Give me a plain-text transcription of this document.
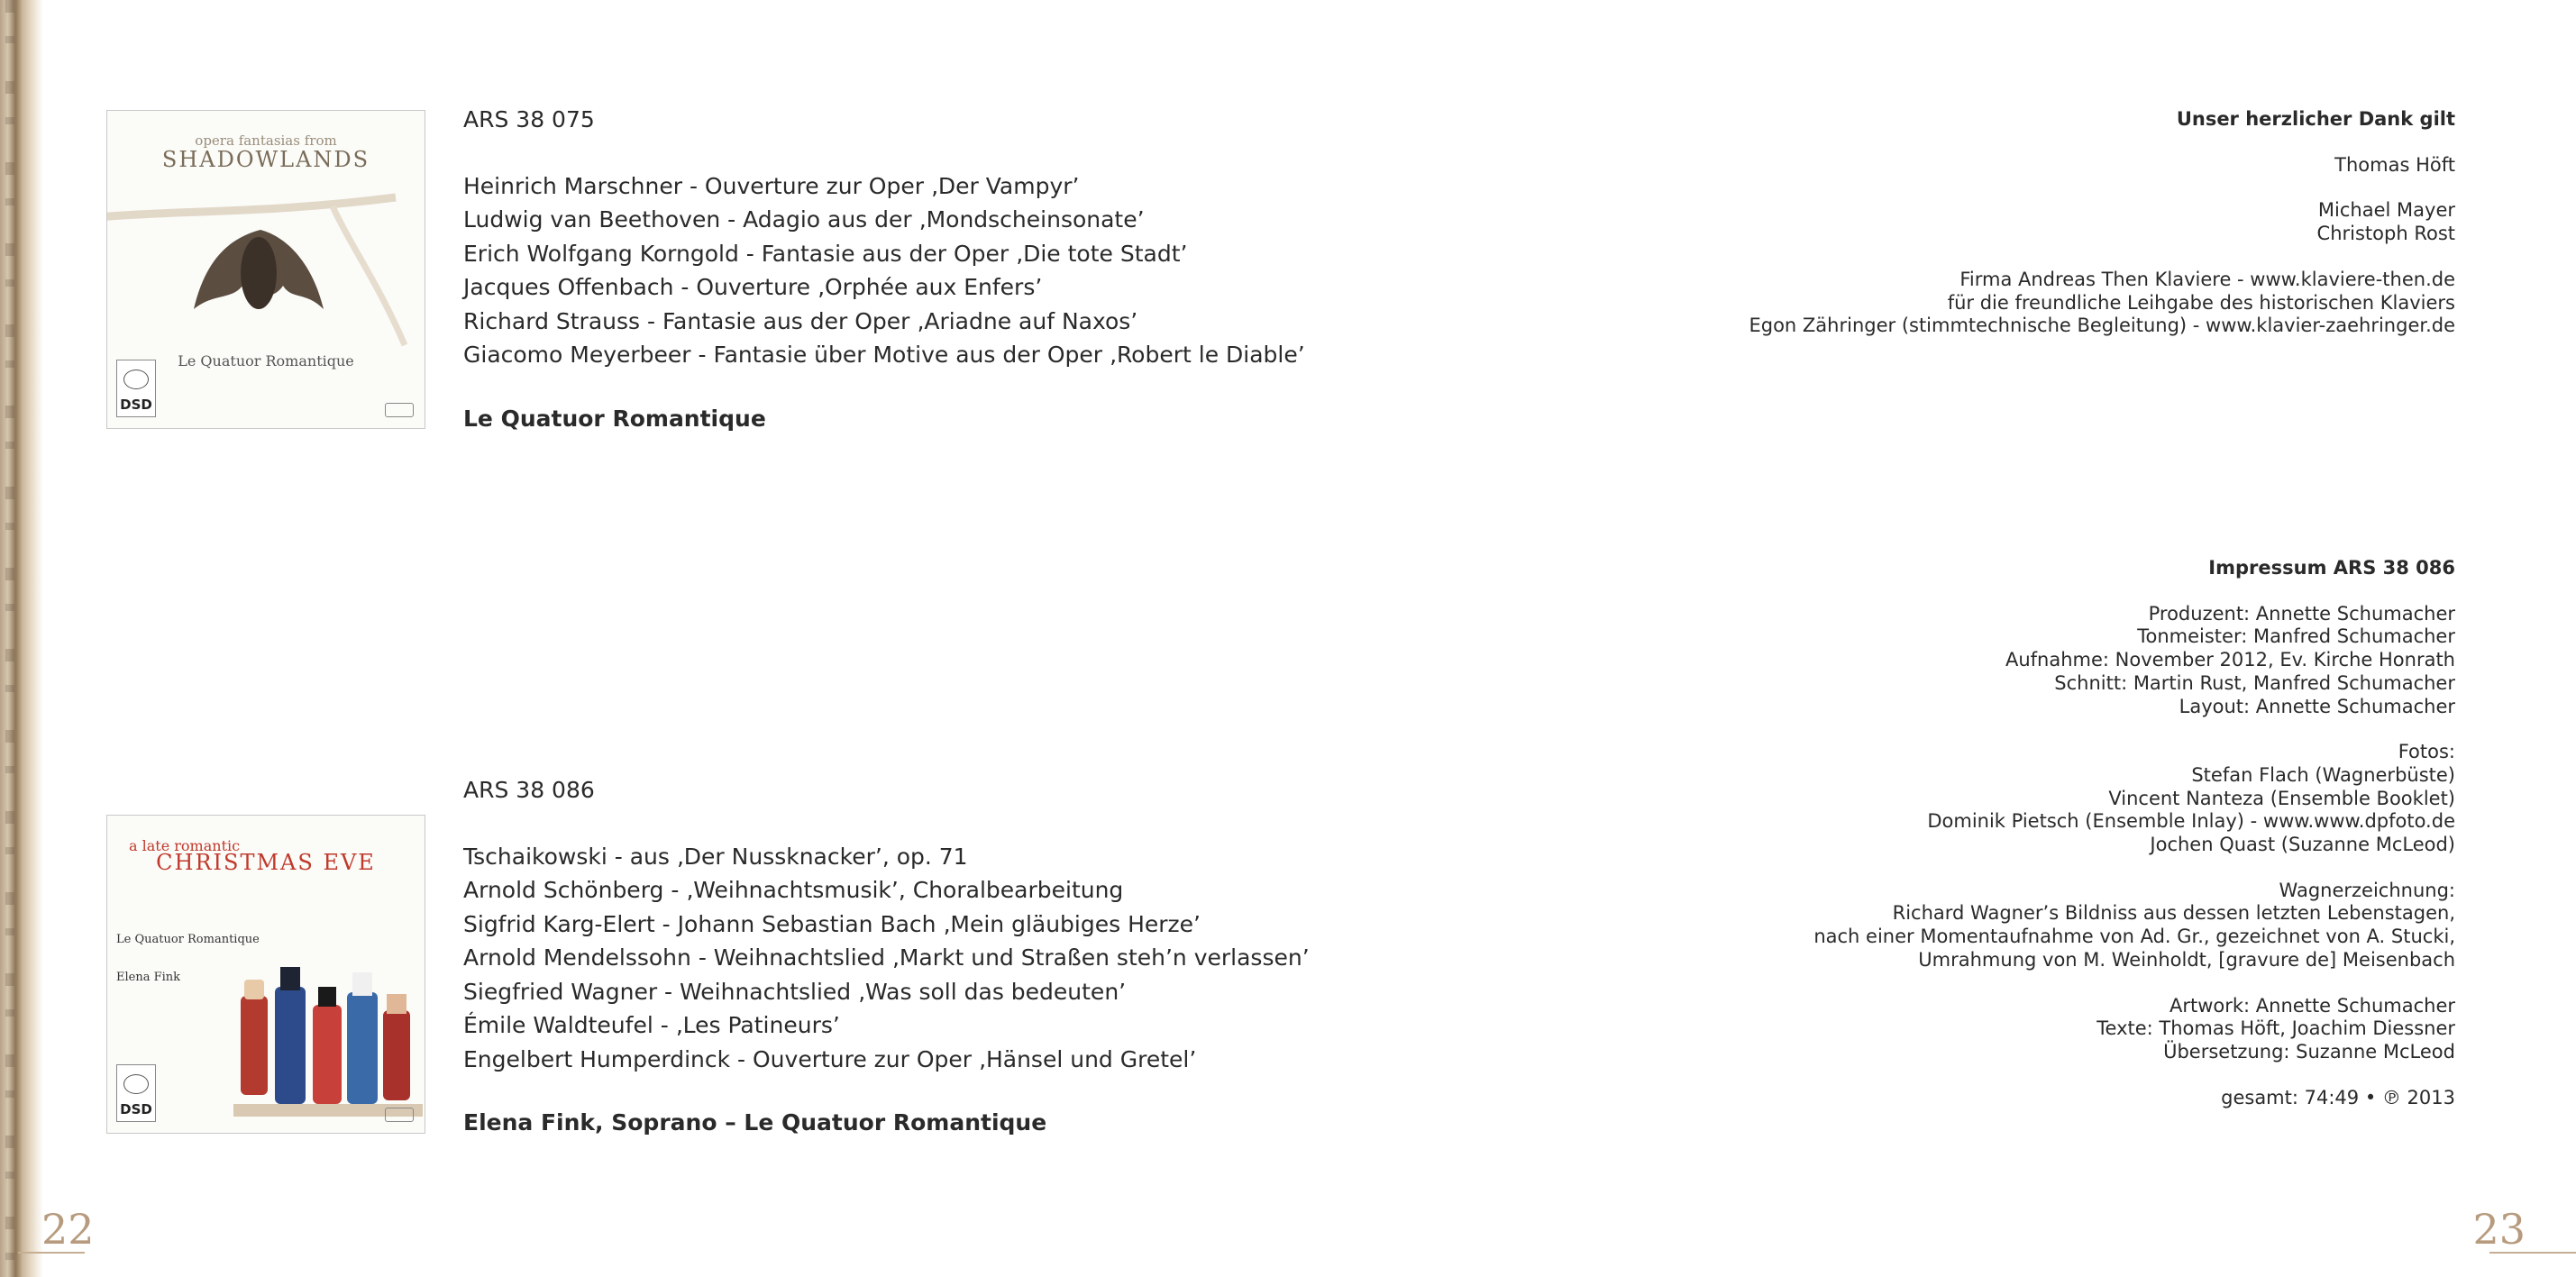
opera fantasias from
SHADOWLANDS
Le Quatuor Romantique
DSD
ARS 38 075
Heinrich Marschner - Ouverture zur Oper ‚Der Vampyr’
Ludwig van Beethoven - Adagio aus der ‚Mondscheinsonate’
Erich Wolfgang Korngold - Fantasie aus der Oper ‚Die tote Stadt’
Jacques Offenbach - Ouverture ‚Orphée aux Enfers’
Richard Strauss - Fantasie aus der Oper ‚Ariadne auf Naxos’
Giacomo Meyerbeer - Fantasie über Motive aus der Oper ‚Robert le Diable’
Le Quatuor Romantique
a late romantic
CHRISTMAS EVE
Le Quatuor Romantique
Elena Fink
DSD
ARS 38 086
Tschaikowski - aus ‚Der Nussknacker’, op. 71
Arnold Schönberg - ‚Weihnachtsmusik’, Choralbearbeitung
Sigfrid Karg-Elert - Johann Sebastian Bach ‚Mein gläubiges Herze’
Arnold Mendelssohn - Weihnachtslied ‚Markt und Straßen steh’n verlassen’
Siegfried Wagner - Weihnachtslied ‚Was soll das bedeuten’
Émile Waldteufel - ‚Les Patineurs’
Engelbert Humperdinck - Ouverture zur Oper ‚Hänsel und Gretel’
Elena Fink, Soprano – Le Quatuor Romantique
Unser herzlicher Dank gilt
Thomas Höft
Michael Mayer
Christoph Rost
Firma Andreas Then Klaviere - www.klaviere-then.de
für die freundliche Leihgabe des historischen Klaviers
Egon Zähringer (stimmtechnische Begleitung) - www.klavier-zaehringer.de
Impressum ARS 38 086
Produzent: Annette Schumacher
Tonmeister: Manfred Schumacher
Aufnahme: November 2012, Ev. Kirche Honrath
Schnitt: Martin Rust, Manfred Schumacher
Layout: Annette Schumacher
Fotos:
Stefan Flach (Wagnerbüste)
Vincent Nanteza (Ensemble Booklet)
Dominik Pietsch (Ensemble Inlay) - www.www.dpfoto.de
Jochen Quast (Suzanne McLeod)
Wagnerzeichnung:
Richard Wagner’s Bildniss aus dessen letzten Lebenstagen,
nach einer Momentaufnahme von Ad. Gr., gezeichnet von A. Stucki,
Umrahmung von M. Weinholdt, [gravure de] Meisenbach
Artwork: Annette Schumacher
Texte: Thomas Höft, Joachim Diessner
Übersetzung: Suzanne McLeod
gesamt: 74:49 • ℗ 2013
22	23
